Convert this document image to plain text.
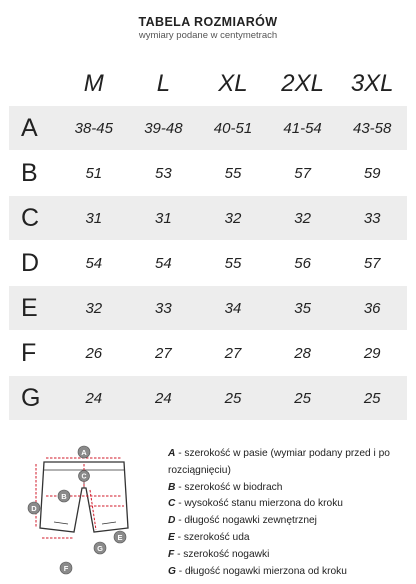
TABELA ROZMIARÓW
wymiary podane w centymetrach
M	L	XL	2XL	3XL
A	38-45	39-48	40-51	41-54	43-58
B	51	53	55	57	59
C	31	31	32	32	33
D	54	54	55	56	57
E	32	33	34	35	36
F	26	27	27	28	29
G	24	24	25	25	25
A
B
C
D
E
F
G
A - szerokość w pasie (wymiar podany przed i po rozciągnięciu)
B - szerokość w biodrach
C - wysokość stanu mierzona do kroku
D - długość nogawki zewnętrznej
E - szerokość uda
F - szerokość nogawki
G - długość nogawki mierzona od kroku
